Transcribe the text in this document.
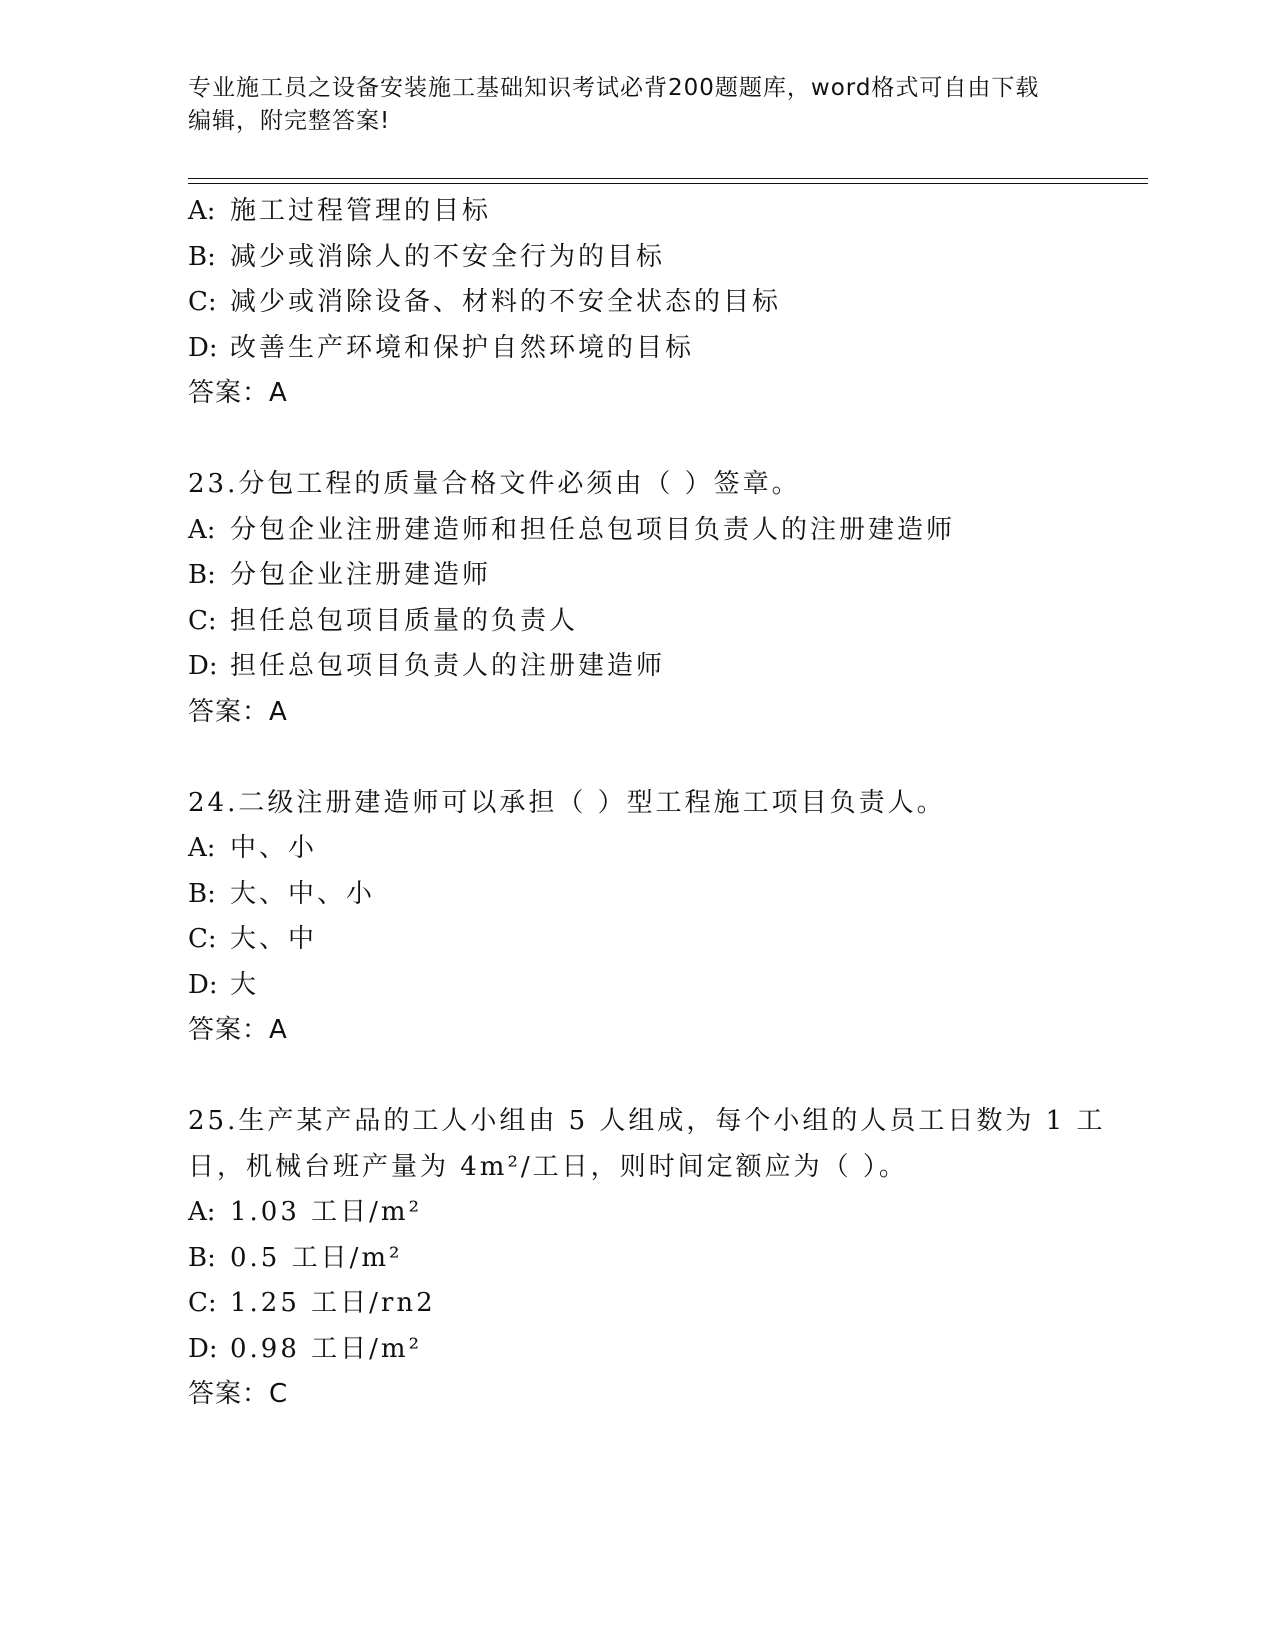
专业施工员之设备安装施工基础知识考试必背200题题库，word格式可自由下载
编辑，附完整答案!
A: 施工过程管理的目标
B: 减少或消除人的不安全行为的目标
C: 减少或消除设备、材料的不安全状态的目标
D: 改善生产环境和保护自然环境的目标
答案：A
23.分包工程的质量合格文件必须由（ ）签章。
A: 分包企业注册建造师和担任总包项目负责人的注册建造师
B: 分包企业注册建造师
C: 担任总包项目质量的负责人
D: 担任总包项目负责人的注册建造师
答案：A
24.二级注册建造师可以承担（ ）型工程施工项目负责人。
A: 中、小
B: 大、中、小
C: 大、中
D: 大
答案：A
25.生产某产品的工人小组由 5 人组成，每个小组的人员工日数为 1 工
日，机械台班产量为 4m²/工日，则时间定额应为（ ）。
A: 1.03 工日/m²
B: 0.5 工日/m²
C: 1.25 工日/rn2
D: 0.98 工日/m²
答案：C
